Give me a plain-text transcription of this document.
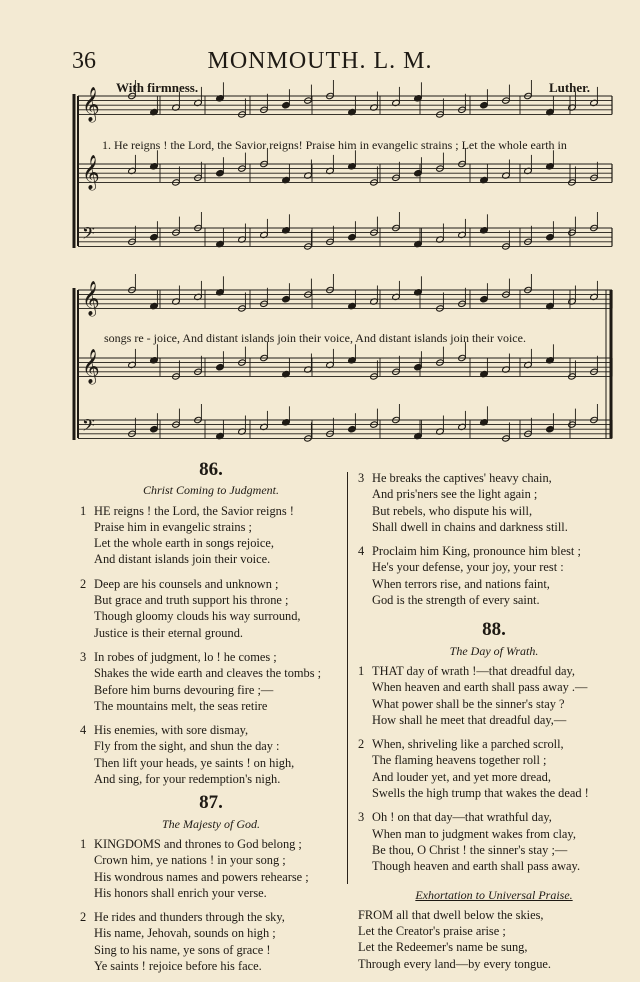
36	MONMOUTH. L. M.
With firmness.	Luther.
𝄞
𝄞
𝄢
𝄞
𝄞
𝄢
1. He reigns ! the Lord, the Savior reigns! Praise him in evangelic strains ; Let the whole earth in
songs re - joice, And distant islands join their voice, And distant islands join their voice.
86.
Christ Coming to Judgment.
1 HE reigns ! the Lord, the Savior reigns !
Praise him in evangelic strains ;
Let the whole earth in songs rejoice,
And distant islands join their voice.
2 Deep are his counsels and unknown ;
But grace and truth support his throne ;
Though gloomy clouds his way surround,
Justice is their eternal ground.
3 In robes of judgment, lo ! he comes ;
Shakes the wide earth and cleaves the tombs ;
Before him burns devouring fire ;—
The mountains melt, the seas retire
4 His enemies, with sore dismay,
Fly from the sight, and shun the day :
Then lift your heads, ye saints ! on high,
And sing, for your redemption's nigh.
87.
The Majesty of God.
1 KINGDOMS and thrones to God belong ;
Crown him, ye nations ! in your song ;
His wondrous names and powers rehearse ;
His honors shall enrich your verse.
2 He rides and thunders through the sky,
His name, Jehovah, sounds on high ;
Sing to his name, ye sons of grace !
Ye saints ! rejoice before his face.
3 He breaks the captives' heavy chain,
And pris'ners see the light again ;
But rebels, who dispute his will,
Shall dwell in chains and darkness still.
4 Proclaim him King, pronounce him blest ;
He's your defense, your joy, your rest :
When terrors rise, and nations faint,
God is the strength of every saint.
88.
The Day of Wrath.
1 THAT day of wrath !—that dreadful day,
When heaven and earth shall pass away .—
What power shall be the sinner's stay ?
How shall he meet that dreadful day,—
2 When, shriveling like a parched scroll,
The flaming heavens together roll ;
And louder yet, and yet more dread,
Swells the high trump that wakes the dead !
3 Oh ! on that day—that wrathful day,
When man to judgment wakes from clay,
Be thou, O Christ ! the sinner's stay ;—
Though heaven and earth shall pass away.
Exhortation to Universal Praise.
FROM all that dwell below the skies,
Let the Creator's praise arise ;
Let the Redeemer's name be sung,
Through every land—by every tongue.
